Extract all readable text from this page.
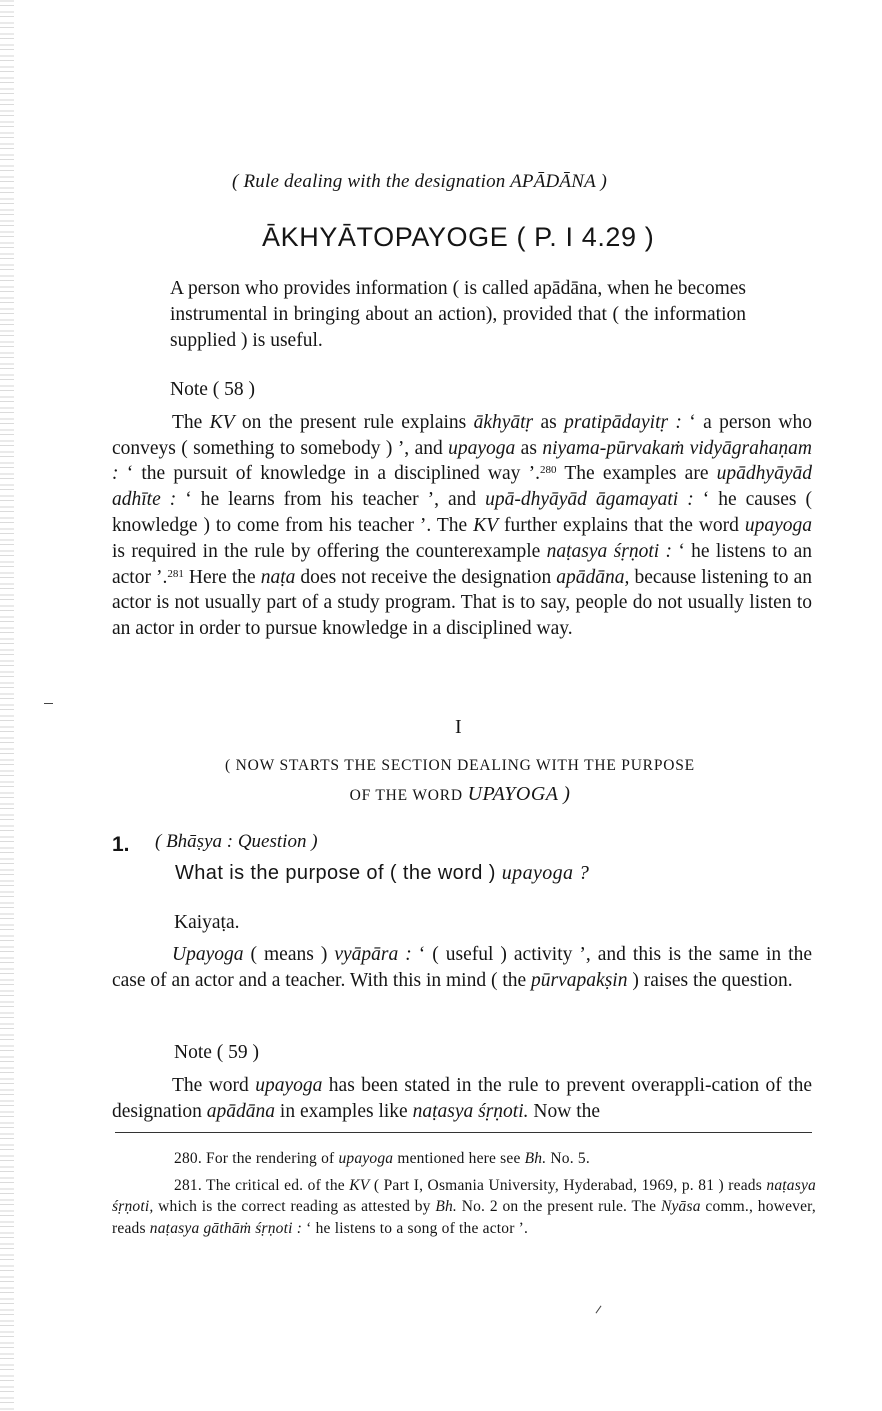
( Rule dealing with the designation APĀDĀNA )
ĀKHYĀTOPAYOGE ( P. I 4.29 )
A person who provides information ( is called apādāna, when he becomes instrumental in bringing about an action), provided that ( the information supplied ) is useful.

Note ( 58 )

The KV on the present rule explains ākhyātṛ as pratipādayitṛ : ‘ a person who conveys ( something to somebody ) ’, and upayoga as niyama-pūrvakaṁ vidyāgrahaṇam : ‘ the pursuit of knowledge in a disciplined way ’.$^{280}$ The examples are upādhyāyād adhīte : ‘ he learns from his teacher ’, and upā-dhyāyād āgamayati : ‘ he causes ( knowledge ) to come from his teacher ’. The KV further explains that the word upayoga is required in the rule by offering the counterexample naṭasya śṛṇoti : ‘ he listens to an actor ’.$^{281}$ Here the naṭa does not receive the designation apādāna, because listening to an actor is not usually part of a study program. That is to say, people do not usually listen to an actor in order to pursue knowledge in a disciplined way.

I
( NOW STARTS THE SECTION DEALING WITH THE PURPOSE
OF THE WORD UPAYOGA )
1. ( Bhāṣya : Question )
What is the purpose of ( the word ) upayoga ?

Kaiyaṭa.

Upayoga ( means ) vyāpāra : ‘ ( useful ) activity ’, and this is the same in the case of an actor and a teacher. With this in mind ( the pūrvapakṣin ) raises the question.

Note ( 59 )

The word upayoga has been stated in the rule to prevent overappli-cation of the designation apādāna in examples like naṭasya śṛṇoti. Now the

280. For the rendering of upayoga mentioned here see Bh. No. 5.

281. The critical ed. of the KV ( Part I, Osmania University, Hyderabad, 1969, p. 81 ) reads naṭasya śṛṇoti, which is the correct reading as attested by Bh. No. 2 on the present rule. The Nyāsa comm., however, reads naṭasya gāthāṁ śṛṇoti : ‘ he listens to a song of the actor ’.
